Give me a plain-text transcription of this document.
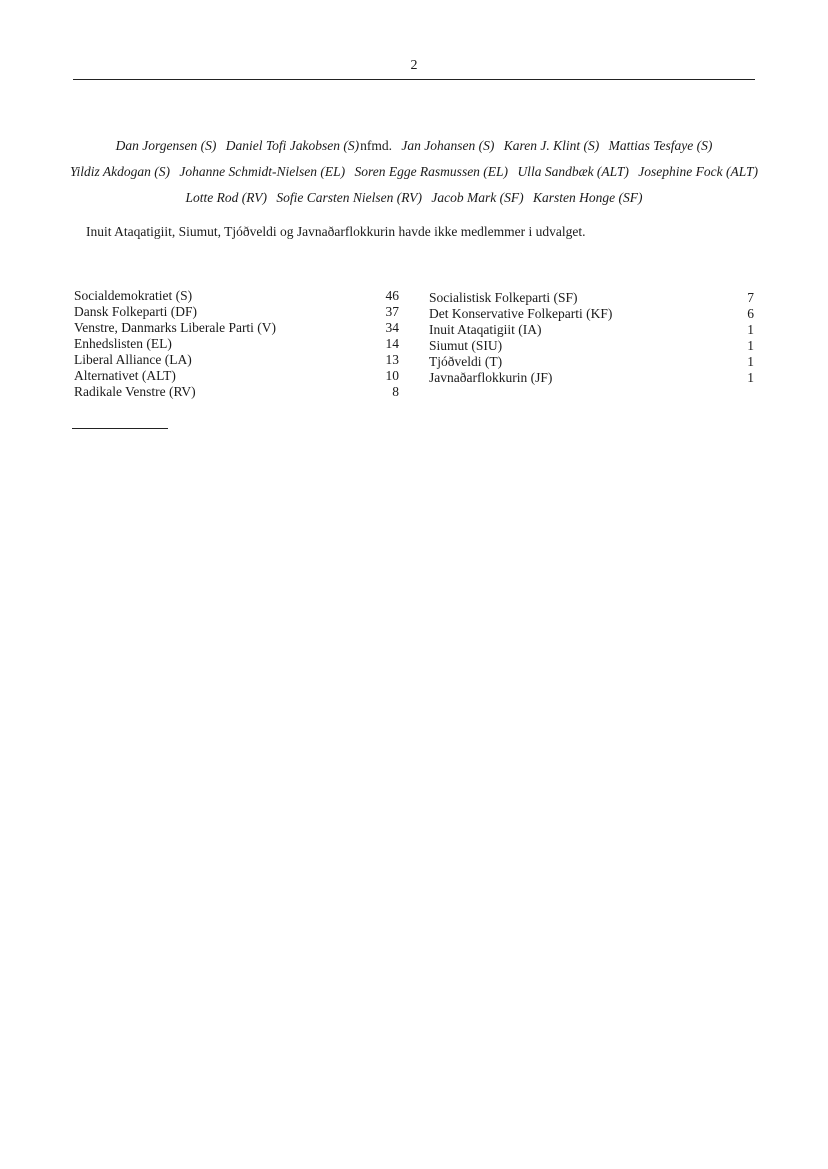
2
Dan Jorgensen (S) Daniel Tofi Jakobsen (S)nfmd. Jan Johansen (S) Karen J. Klint (S) Mattias Tesfaye (S)
Yildiz Akdogan (S) Johanne Schmidt-Nielsen (EL) Soren Egge Rasmussen (EL) Ulla Sandbæk (ALT) Josephine Fock (ALT)
Lotte Rod (RV) Sofie Carsten Nielsen (RV) Jacob Mark (SF) Karsten Honge (SF)
Inuit Ataqatigiit, Siumut, Tjóðveldi og Javnaðarflokkurin havde ikke medlemmer i udvalget.
Socialdemokratiet (S)	46
Dansk Folkeparti (DF)	37
Venstre, Danmarks Liberale Parti (V)	34
Enhedslisten (EL)	14
Liberal Alliance (LA)	13
Alternativet (ALT)	10
Radikale Venstre (RV)	8
Socialistisk Folkeparti (SF)	7
Det Konservative Folkeparti (KF)	6
Inuit Ataqatigiit (IA)	1
Siumut (SIU)	1
Tjóðveldi (T)	1
Javnaðarflokkurin (JF)	1
